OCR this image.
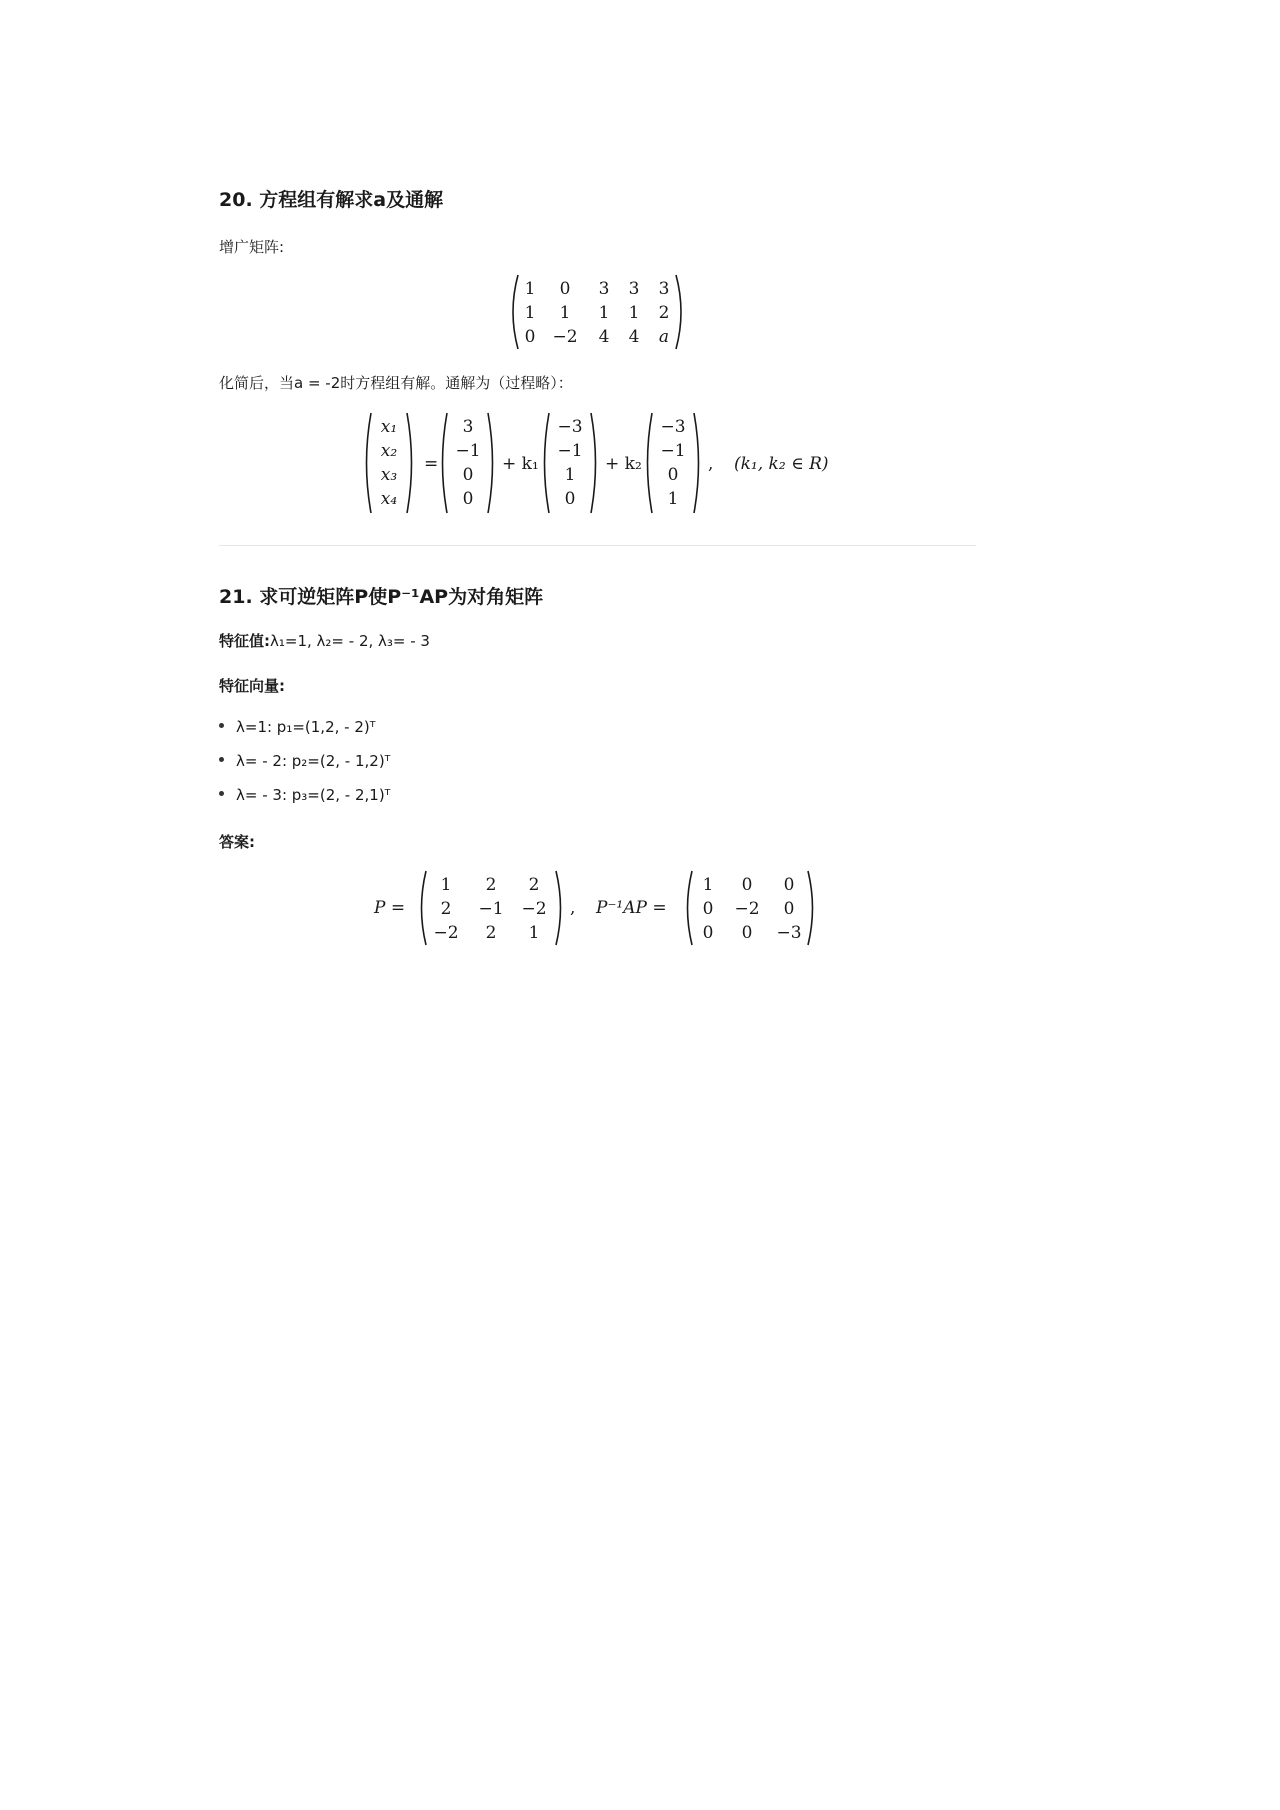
20. 方程组有解求a及通解
增广矩阵:
1 0 3 3 3
1 1 1 1 2
0 −2 4 4 a
化简后，当a = -2时方程组有解。通解为（过程略）：
x₁
x₂
x₃
x₄
=
3
−1
0
0
+ k₁
−3
−1
1
0
+ k₂
−3
−1
0
1
, (k₁, k₂ ∈ R)
21. 求可逆矩阵P使P⁻¹AP为对角矩阵
特征值:λ₁=1, λ₂= - 2, λ₃= - 3
特征向量:
λ=1: p₁=(1,2, - 2)ᵀ
λ= - 2: p₂=(2, - 1,2)ᵀ
λ= - 3: p₃=(2, - 2,1)ᵀ
答案:
P =
1 2 2
2 −1 −2
−2 2 1
, P⁻¹AP =
1 0 0
0 −2 0
0 0 −3
